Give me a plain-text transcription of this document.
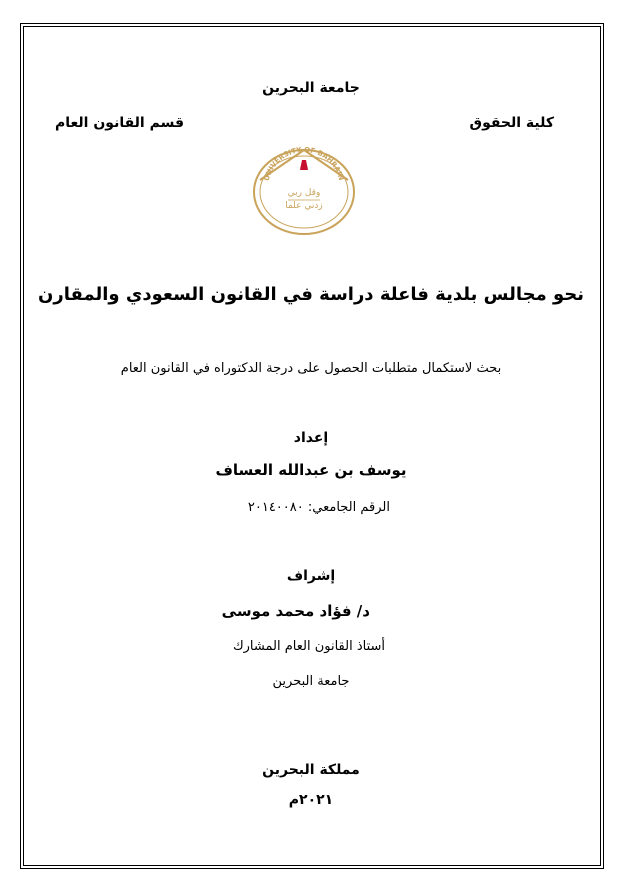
جامعة البحرين
كلية الحقوق
قسم القانون العام
UNIVERSITY OF BAHRAIN
وقل ربي
زدني علما
نحو مجالس بلدية فاعلة دراسة في القانون السعودي والمقارن
بحث لاستكمال متطلبات الحصول على درجة الدكتوراه في القانون العام
إعداد
يوسف بن عبدالله العساف
الرقم الجامعي: ٢٠١٤٠٠٨٠
إشراف
د/ فؤاد محمد موسى
أستاذ القانون العام المشارك
جامعة البحرين
مملكة البحرين
٢٠٢١م
